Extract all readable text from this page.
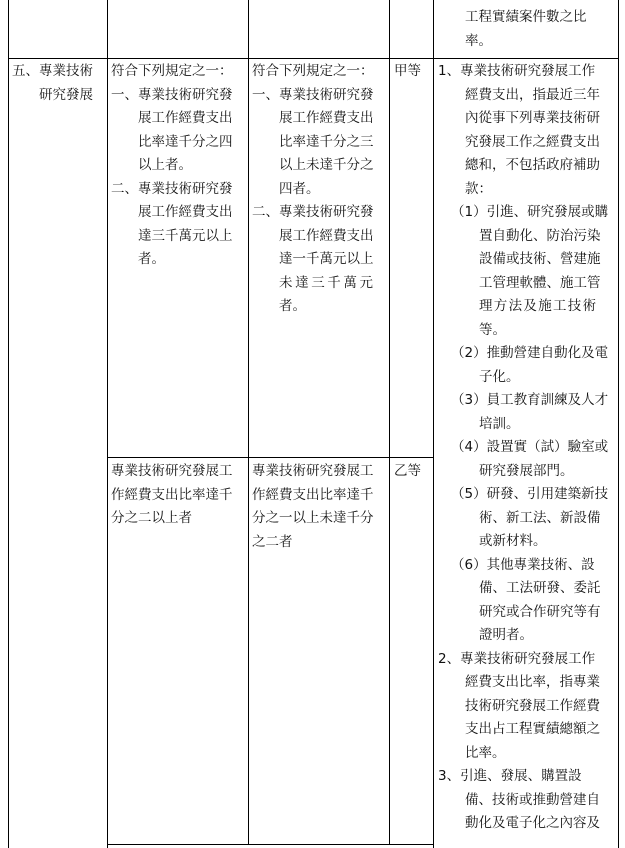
工程實績案件數之比
率。
五、專業技術
研究發展
符合下列規定之一：
一、專業技術研究發
展工作經費支出
比率達千分之四
以上者。
二、專業技術研究發
展工作經費支出
達三千萬元以上
者。
符合下列規定之一：
一、專業技術研究發
展工作經費支出
比率達千分之三
以上未達千分之
四者。
二、專業技術研究發
展工作經費支出
達一千萬元以上
未達三千萬元
者。
甲等
專業技術研究發展工
作經費支出比率達千
分之二以上者
專業技術研究發展工
作經費支出比率達千
分之一以上未達千分
之二者
乙等
1、專業技術研究發展工作
經費支出，指最近三年
內從事下列專業技術研
究發展工作之經費支出
總和，不包括政府補助
款：
（1）引進、研究發展或購
置自動化、防治污染
設備或技術、營建施
工管理軟體、施工管
理方法及施工技術
等。
（2）推動營建自動化及電
子化。
（3）員工教育訓練及人才
培訓。
（4）設置實（試）驗室或
研究發展部門。
（5）研發、引用建築新技
術、新工法、新設備
或新材料。
（6）其他專業技術、設
備、工法研發、委託
研究或合作研究等有
證明者。
2、專業技術研究發展工作
經費支出比率，指專業
技術研究發展工作經費
支出占工程實績總額之
比率。
3、引進、發展、購置設
備、技術或推動營建自
動化及電子化之內容及
